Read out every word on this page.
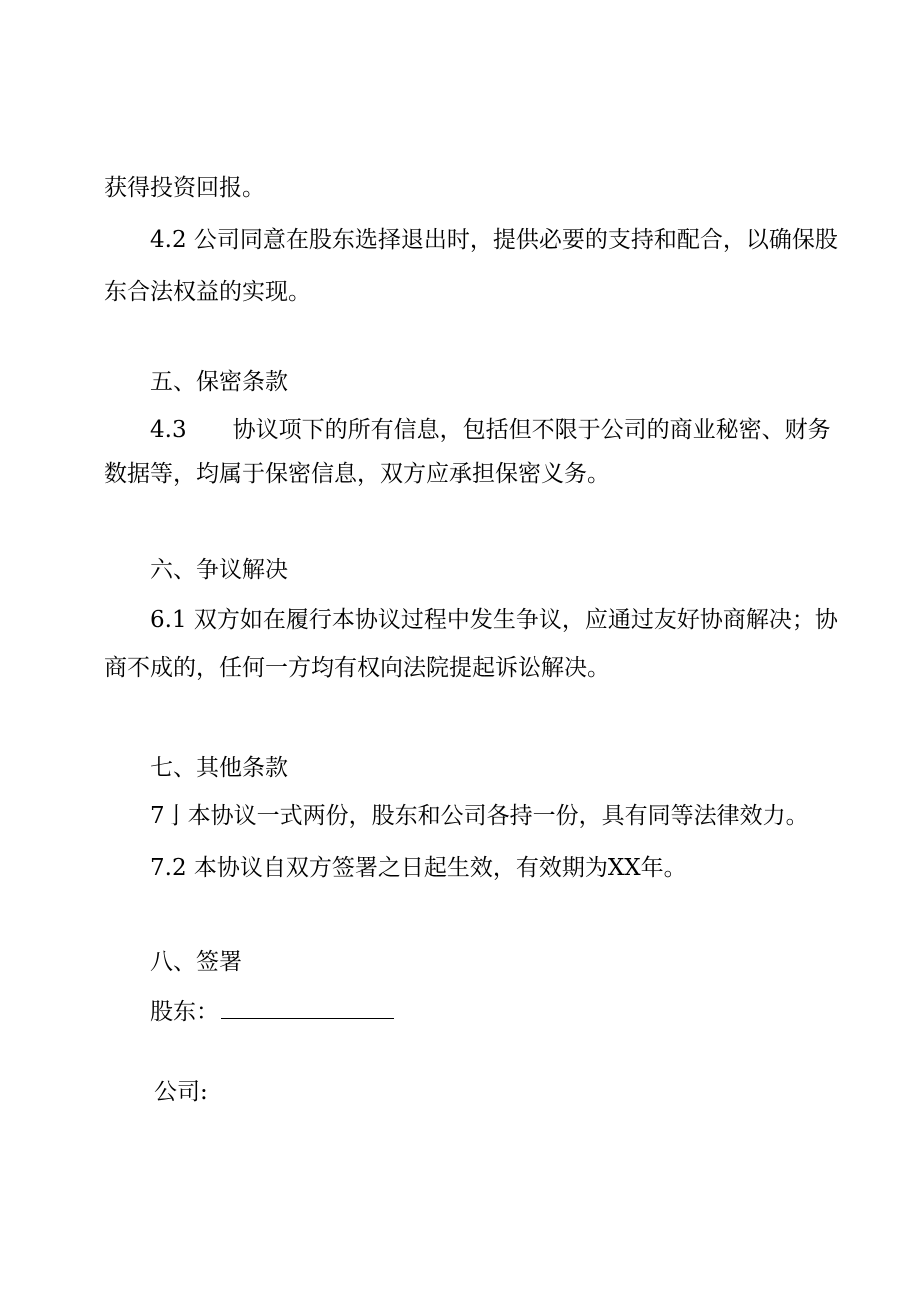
获得投资回报。

4.2 公司同意在股东选择退出时，提供必要的支持和配合，以确保股

东合法权益的实现。

五、保密条款

4.3 协议项下的所有信息，包括但不限于公司的商业秘密、财务

数据等，均属于保密信息，双方应承担保密义务。

六、争议解决

6.1 双方如在履行本协议过程中发生争议，应通过友好协商解决；协

商不成的，任何一方均有权向法院提起诉讼解决。

七、其他条款

7亅本协议一式两份，股东和公司各持一份，具有同等法律效力。

7.2 本协议自双方签署之日起生效，有效期为XX年。

八、签署

股东：

公司:
